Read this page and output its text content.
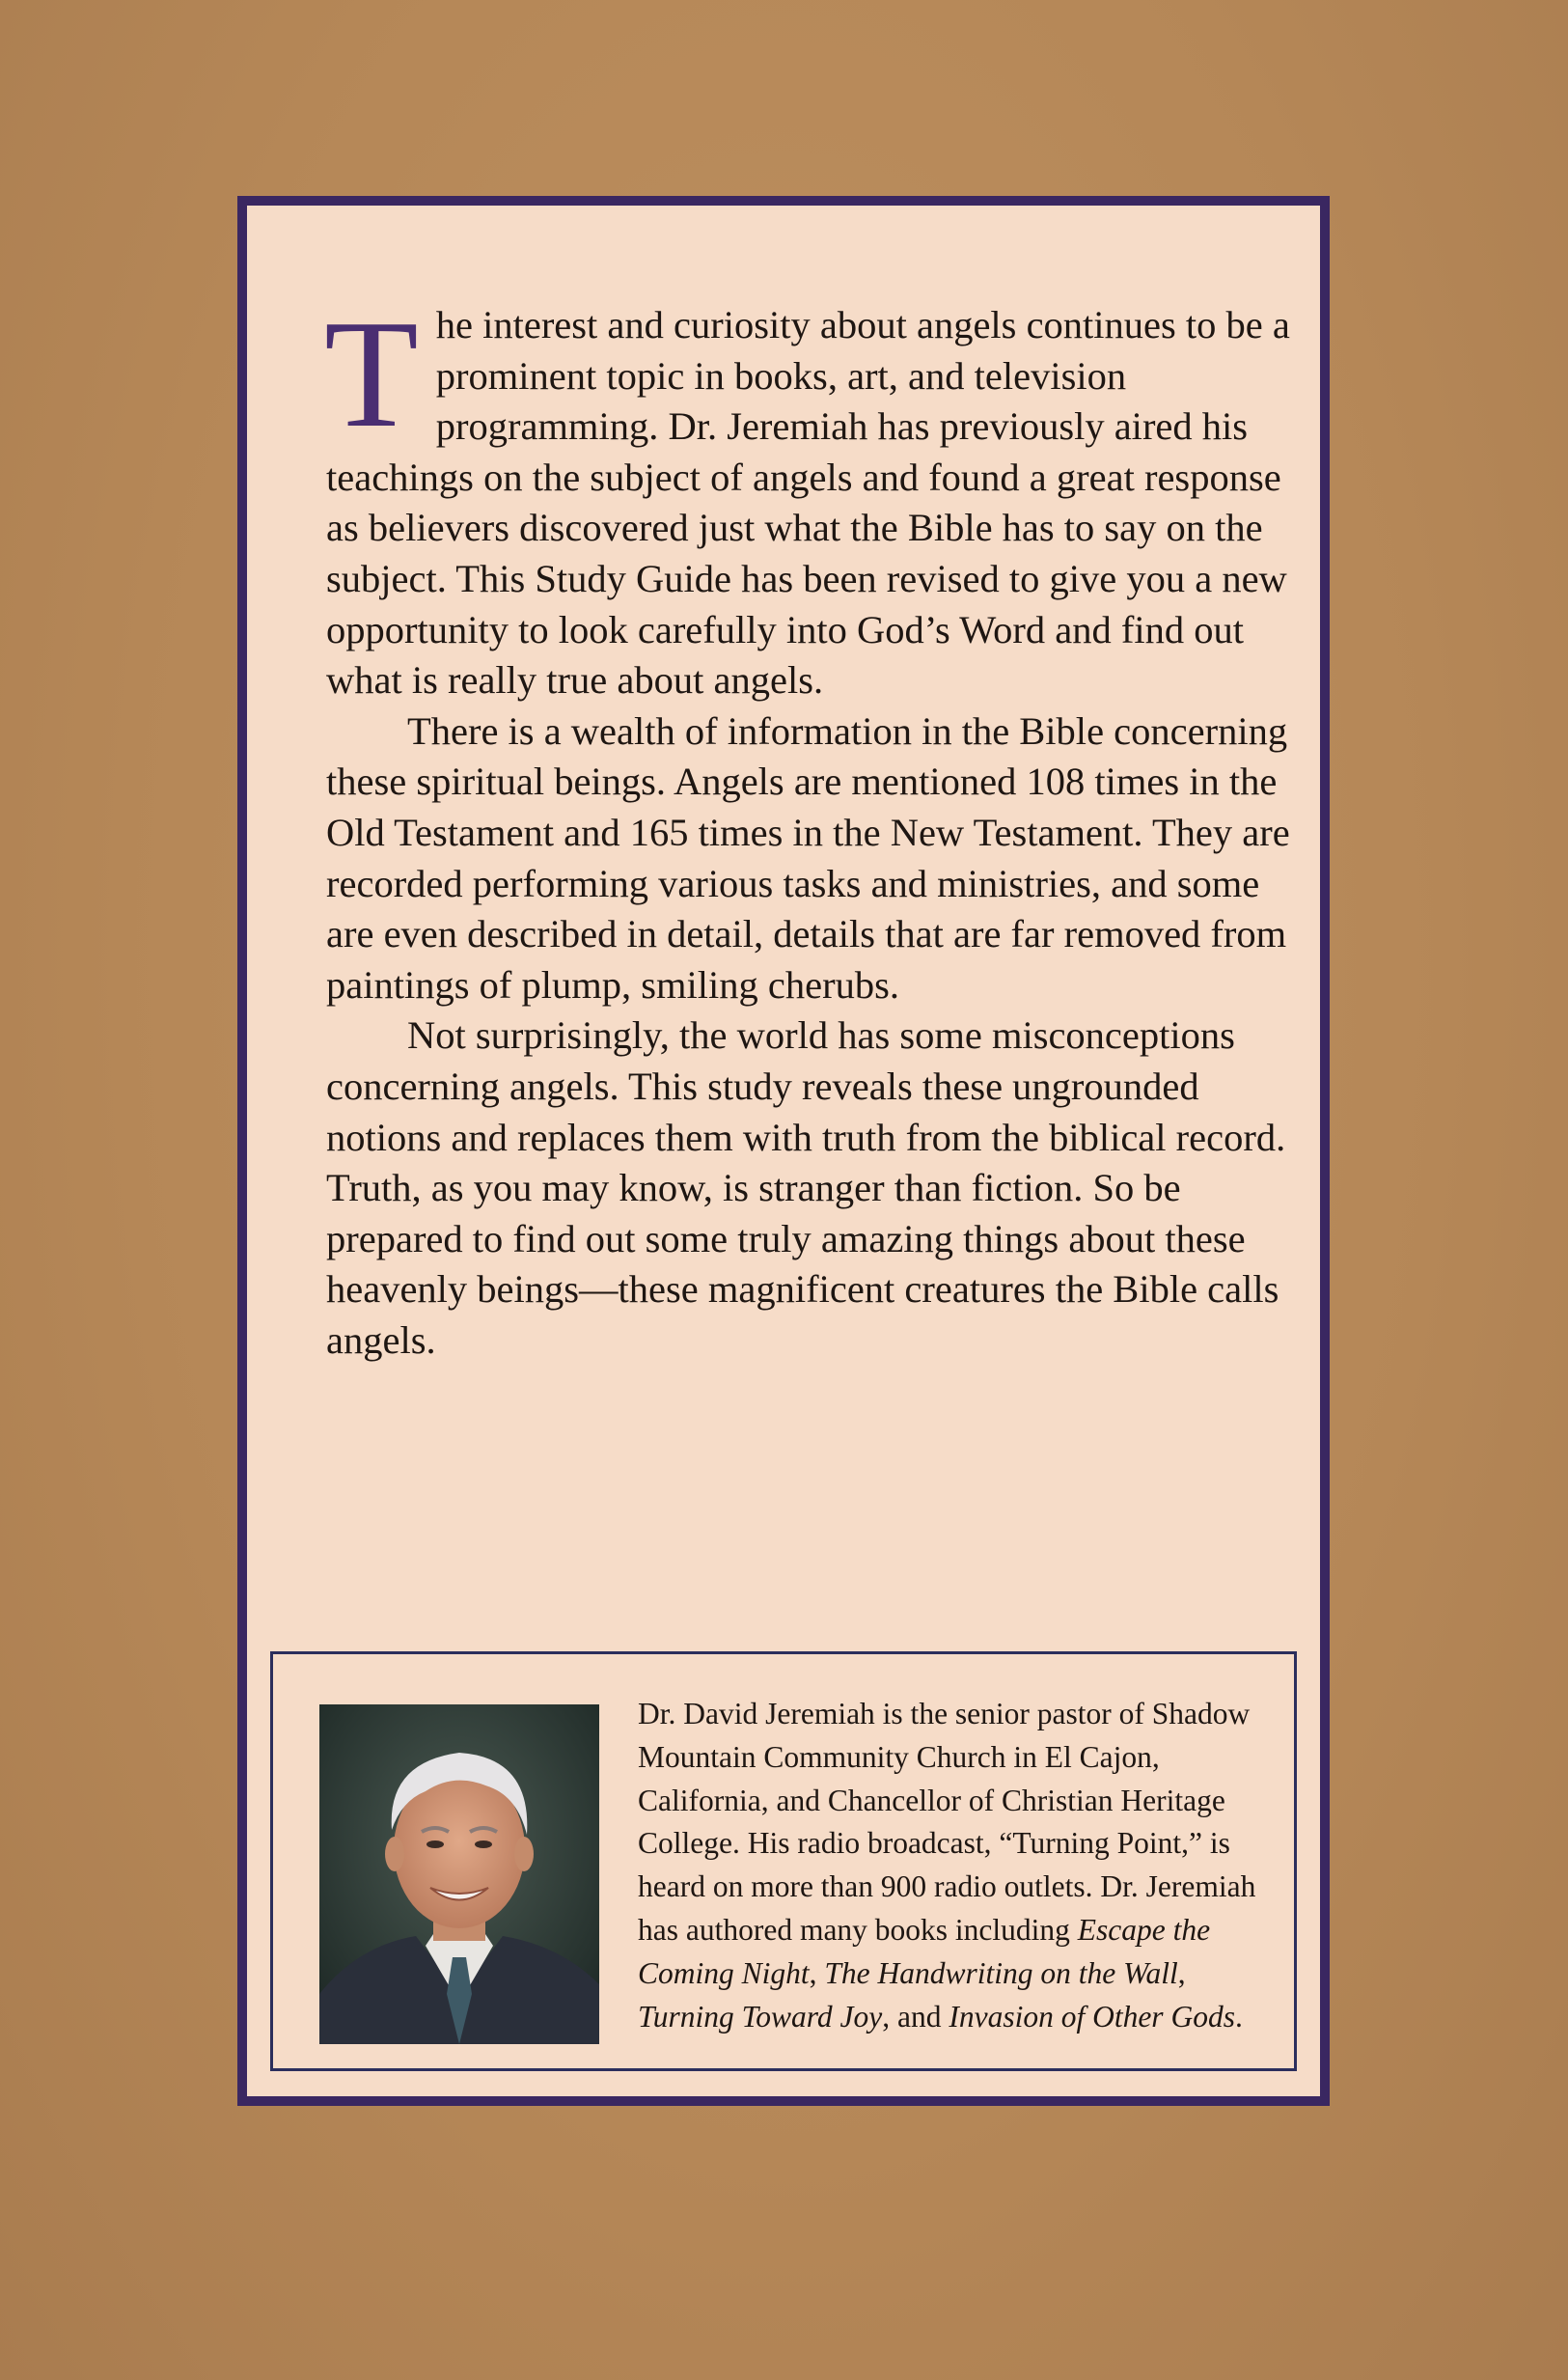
The interest and curiosity about angels continues to be a prominent topic in books, art, and television programming. Dr. Jeremiah has previously aired his teachings on the subject of angels and found a great response as believers discovered just what the Bible has to say on the subject. This Study Guide has been revised to give you a new opportunity to look carefully into God’s Word and find out what is really true about angels.

There is a wealth of information in the Bible concerning these spiritual beings. Angels are mentioned 108 times in the Old Testament and 165 times in the New Testament. They are recorded performing various tasks and ministries, and some are even described in detail, details that are far removed from paintings of plump, smiling cherubs.

Not surprisingly, the world has some misconceptions concerning angels. This study reveals these ungrounded notions and replaces them with truth from the biblical record. Truth, as you may know, is stranger than fiction. So be prepared to find out some truly amazing things about these heavenly beings—these magnificent creatures the Bible calls angels.

Dr. David Jeremiah is the senior pastor of Shadow Mountain Community Church in El Cajon, California, and Chancellor of Christian Heritage College. His radio broadcast, “Turning Point,” is heard on more than 900 radio outlets. Dr. Jeremiah has authored many books including Escape the Coming Night, The Handwriting on the Wall, Turning Toward Joy, and Invasion of Other Gods.
